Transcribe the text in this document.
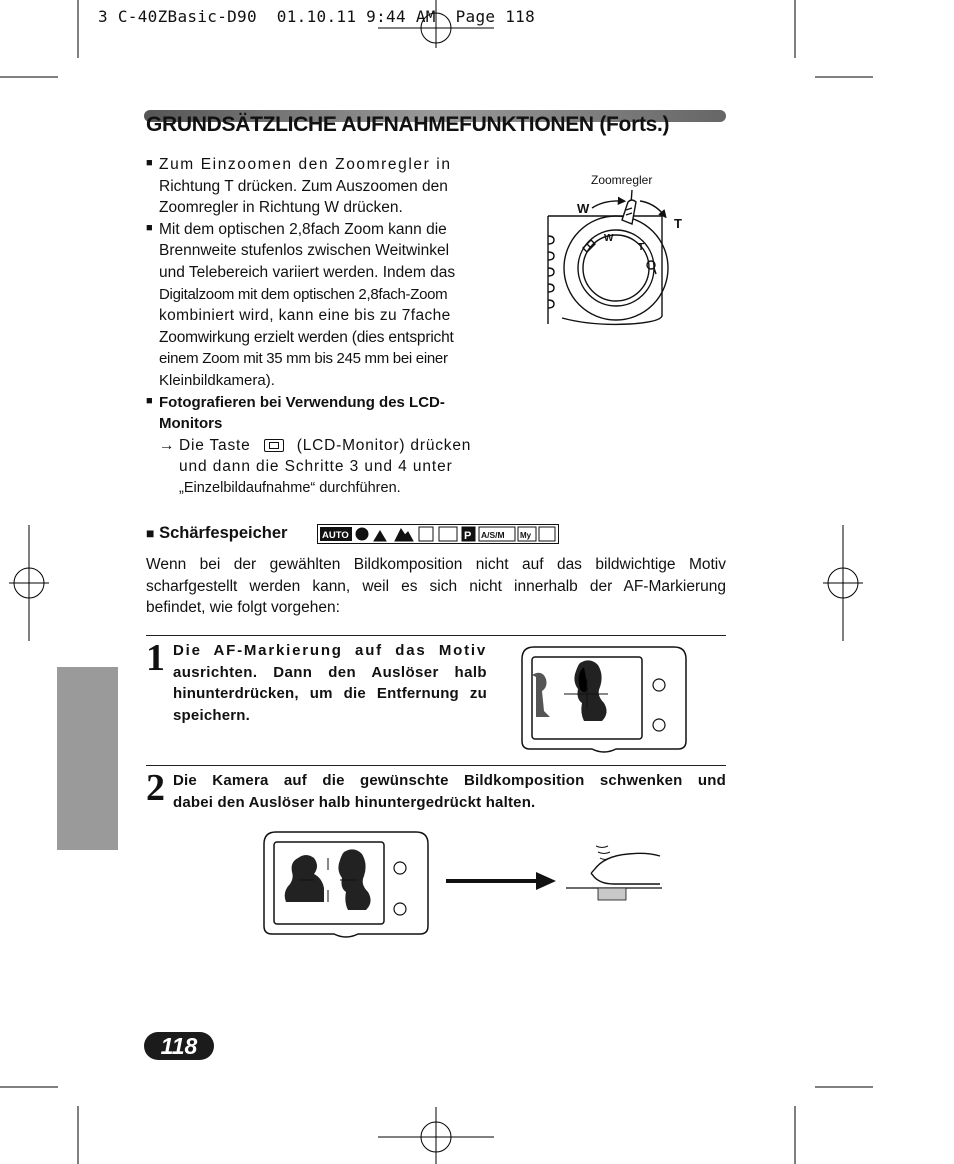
3 C-40ZBasic-D90  01.10.11 9:44 AM  Page 118
GRUNDSÄTZLICHE AUFNAHMEFUNKTIONEN (Forts.)
■ Zum Einzoomen den Zoomregler in
Richtung T drücken. Zum Auszoomen den
Zoomregler in Richtung W drücken.
■ Mit dem optischen 2,8fach Zoom kann die
Brennweite stufenlos zwischen Weitwinkel
und Telebereich variiert werden. Indem das
Digitalzoom mit dem optischen 2,8fach-Zoom
kombiniert wird, kann eine bis zu 7fache
Zoomwirkung erzielt werden (dies entspricht
einem Zoom mit 35 mm bis 245 mm bei einer
Kleinbildkamera).
■ Fotografieren bei Verwendung des LCD-
Monitors
→ Die Taste	(LCD-Monitor) drücken
und dann die Schritte 3 und 4 unter
„Einzelbildaufnahme“ durchführen.
Zoomregler
W
T
W
T
■ Schärfespeicher	AUTO	P A/S/M My
Wenn bei der gewählten Bildkomposition nicht auf das bildwichtige Motiv
scharfgestellt werden kann, weil es sich nicht innerhalb der AF-Markierung
befindet, wie folgt vorgehen:
1 Die AF-Markierung auf das Motiv
ausrichten. Dann den Auslöser halb
hinunterdrücken, um die Entfernung zu
speichern.
2 Die Kamera auf die gewünschte Bildkomposition schwenken und
dabei den Auslöser halb hinuntergedrückt halten.
118
